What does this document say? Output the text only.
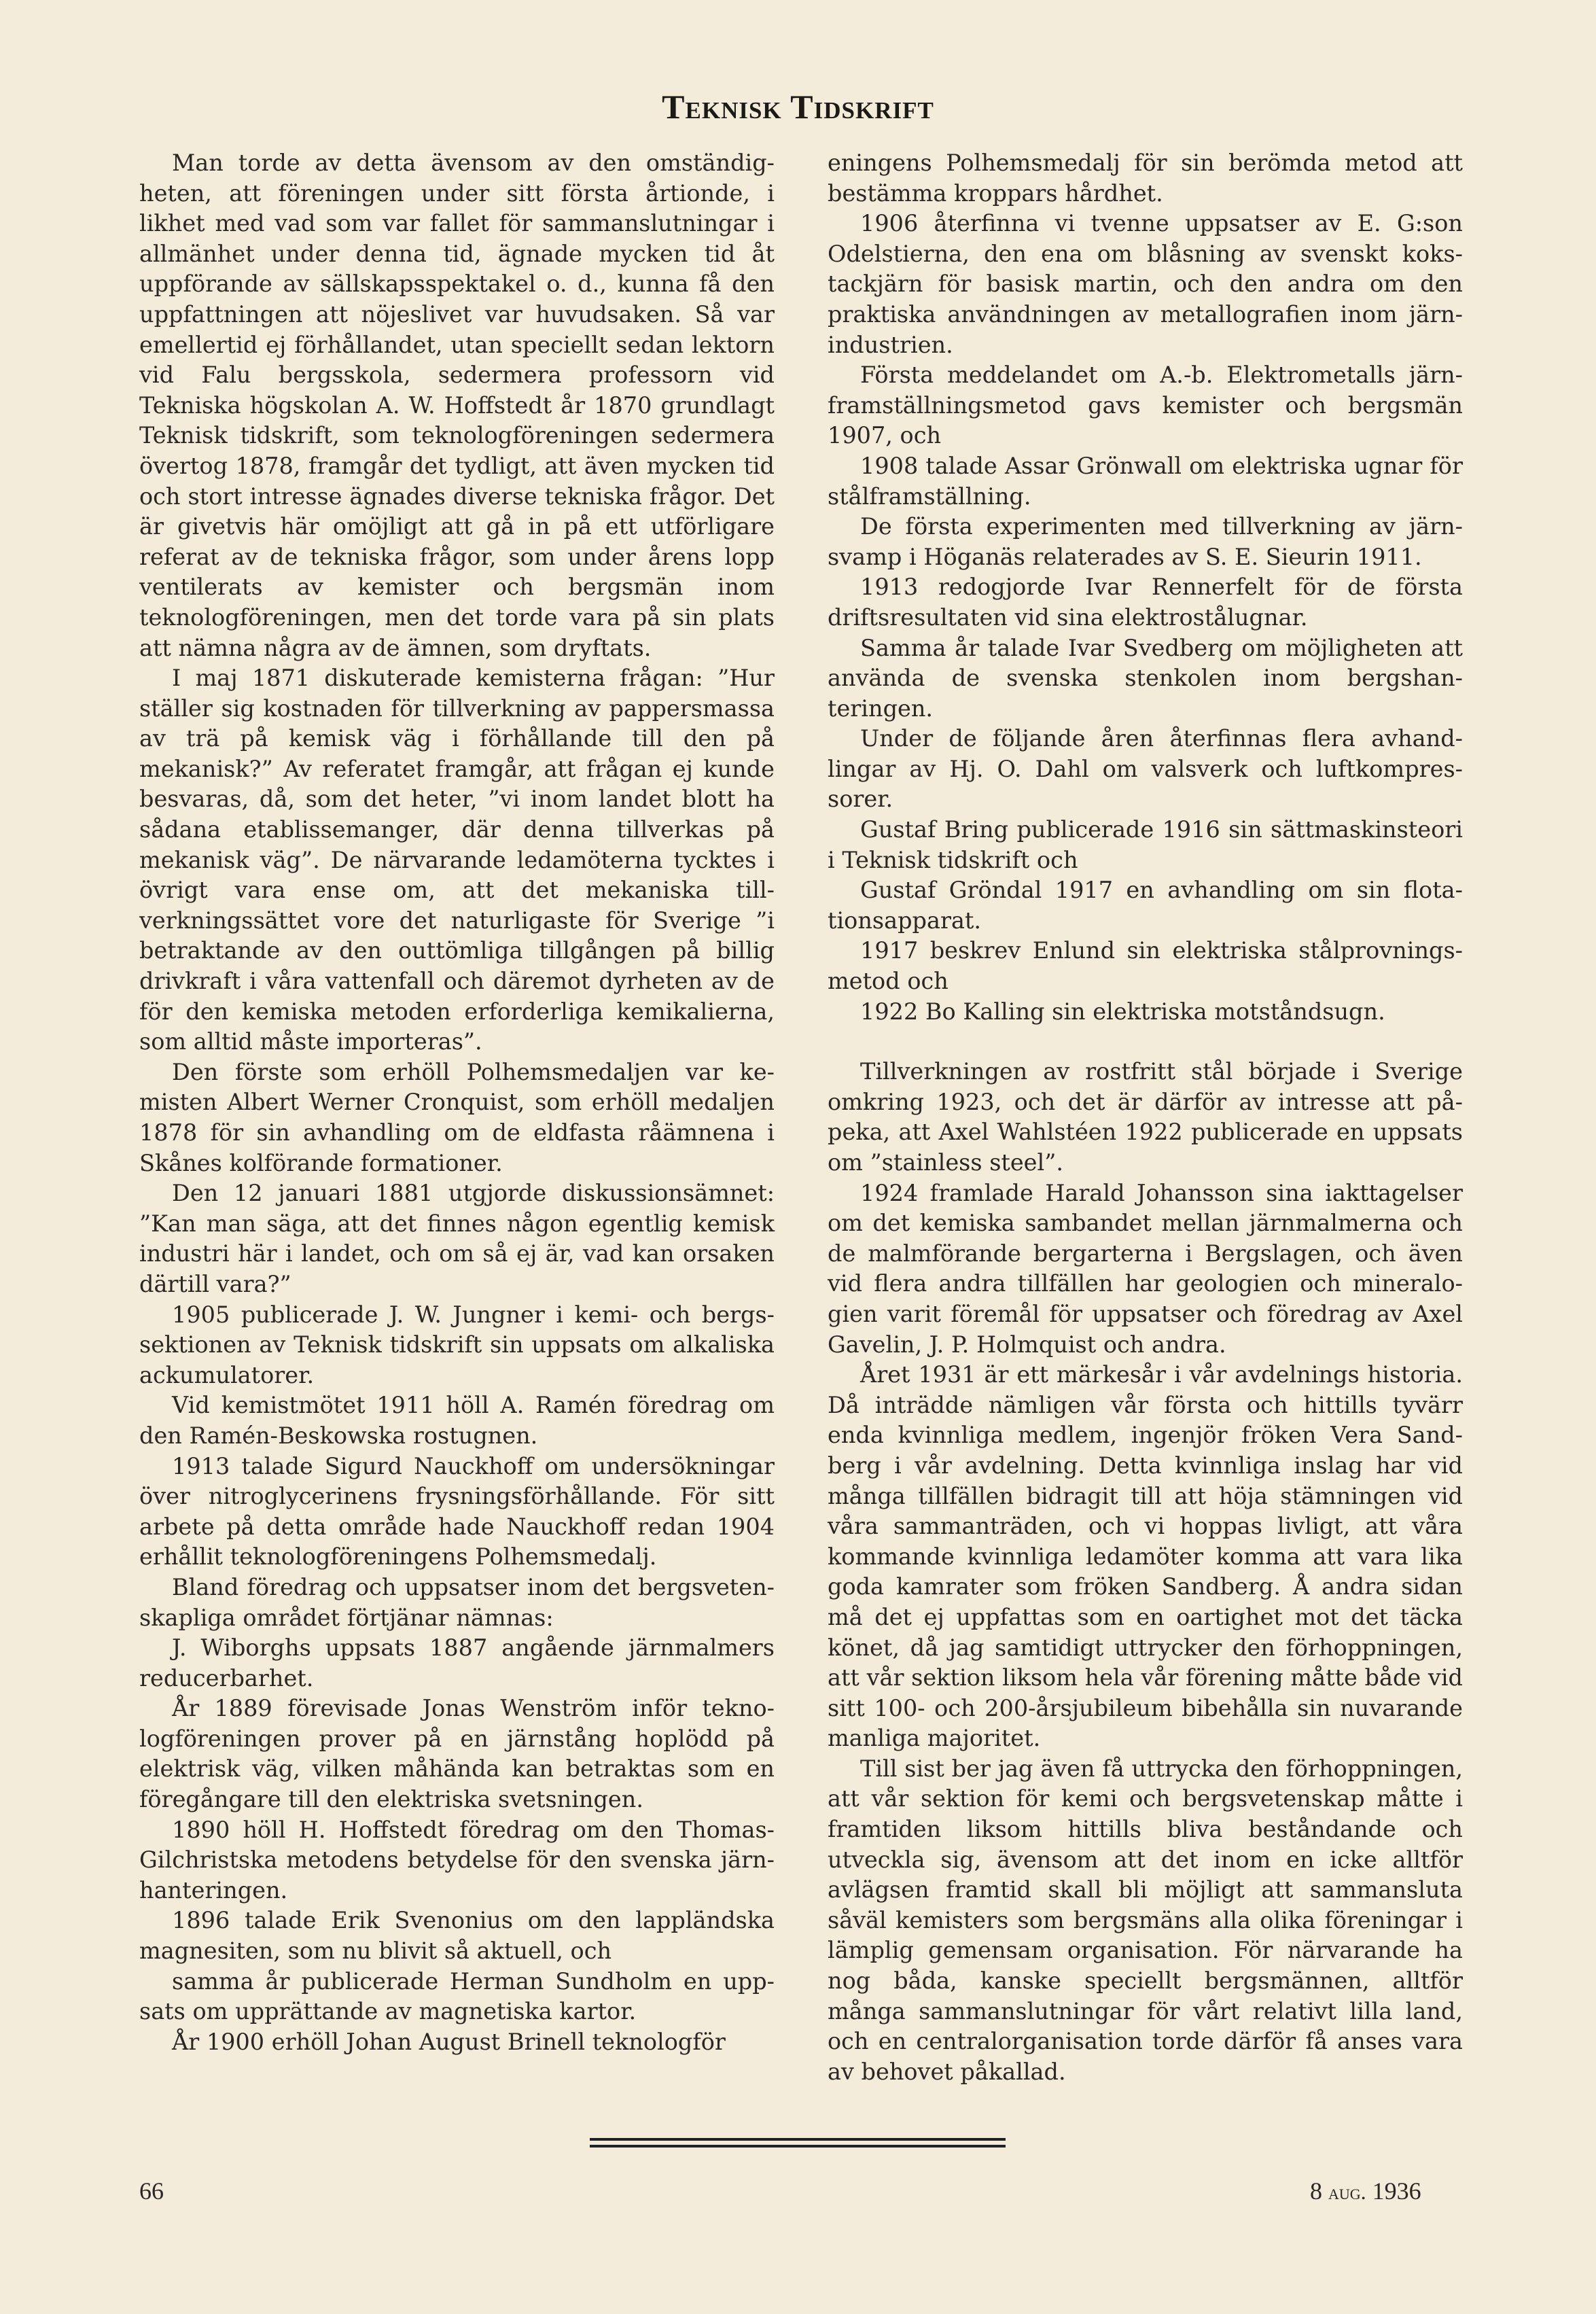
Teknisk Tidskrift

Man torde av detta ävensom av den omständigheten, att föreningen under sitt första årtionde, i likhet med vad som var fallet för sammanslutningar i allmänhet under denna tid, ägnade mycken tid åt uppförande av sällskapsspektakel o. d., kunna få den uppfattningen att nöjeslivet var huvudsaken. Så var emellertid ej förhållandet, utan speciellt sedan lektorn vid Falu bergsskola, sedermera professorn vid Tekniska högskolan A. W. Hoffstedt år 1870 grundlagt Teknisk tidskrift, som teknologföreningen sedermera övertog 1878, framgår det tydligt, att även mycken tid och stort intresse ägnades diverse tekniska frågor. Det är givetvis här omöjligt att gå in på ett utförligare referat av de tekniska frågor, som under årens lopp ventilerats av kemister och bergsmän inom teknologföreningen, men det torde vara på sin plats att nämna några av de ämnen, som dryftats.

I maj 1871 diskuterade kemisterna frågan: ”Hur ställer sig kostnaden för tillverkning av pappersmassa av trä på kemisk väg i förhållande till den på mekanisk?” Av referatet framgår, att frågan ej kunde besvaras, då, som det heter, ”vi inom landet blott ha sådana etablissemanger, där denna tillverkas på mekanisk väg”. De närvarande ledamöterna tycktes i övrigt vara ense om, att det mekaniska tillverkningssättet vore det naturligaste för Sverige ”i betraktande av den outtömliga tillgången på billig drivkraft i våra vattenfall och däremot dyrheten av de för den kemiska metoden erforderliga kemikalierna, som alltid måste importeras”.

Den förste som erhöll Polhemsmedaljen var kemisten Albert Werner Cronquist, som erhöll medaljen 1878 för sin avhandling om de eldfasta råämnena i Skånes kolförande formationer.

Den 12 januari 1881 utgjorde diskussionsämnet: ”Kan man säga, att det finnes någon egentlig kemisk industri här i landet, och om så ej är, vad kan orsaken därtill vara?”

1905 publicerade J. W. Jungner i kemi- och bergssektionen av Teknisk tidskrift sin uppsats om alkaliska ackumulatorer.

Vid kemistmötet 1911 höll A. Ramén föredrag om den Ramén-Beskowska rostugnen.

1913 talade Sigurd Nauckhoff om undersökningar över nitroglycerinens frysningsförhållande. För sitt arbete på detta område hade Nauckhoff redan 1904 erhållit teknologföreningens Polhemsmedalj.

Bland föredrag och uppsatser inom det bergsvetenskapliga området förtjänar nämnas:

J. Wiborghs uppsats 1887 angående järnmalmers reducerbarhet.

År 1889 förevisade Jonas Wenström inför teknologföreningen prover på en järnstång hoplödd på elektrisk väg, vilken måhända kan betraktas som en föregångare till den elektriska svetsningen.

1890 höll H. Hoffstedt föredrag om den Thomas-Gilchristska metodens betydelse för den svenska järnhanteringen.

1896 talade Erik Svenonius om den lappländska magnesiten, som nu blivit så aktuell, och

samma år publicerade Herman Sundholm en uppsats om upprättande av magnetiska kartor.

År 1900 erhöll Johan August Brinell teknologför

eningens Polhemsmedalj för sin berömda metod att bestämma kroppars hårdhet.

1906 återfinna vi tvenne uppsatser av E. G:son Odelstierna, den ena om blåsning av svenskt kokstackjärn för basisk martin, och den andra om den praktiska användningen av metallografien inom järnindustrien.

Första meddelandet om A.-b. Elektrometalls järnframställningsmetod gavs kemister och bergsmän 1907, och

1908 talade Assar Grönwall om elektriska ugnar för stålframställning.

De första experimenten med tillverkning av järnsvamp i Höganäs relaterades av S. E. Sieurin 1911.

1913 redogjorde Ivar Rennerfelt för de första driftsresultaten vid sina elektrostålugnar.

Samma år talade Ivar Svedberg om möjligheten att använda de svenska stenkolen inom bergshanteringen.

Under de följande åren återfinnas flera avhandlingar av Hj. O. Dahl om valsverk och luftkompressorer.

Gustaf Bring publicerade 1916 sin sättmaskinsteori i Teknisk tidskrift och

Gustaf Gröndal 1917 en avhandling om sin flotationsapparat.

1917 beskrev Enlund sin elektriska stålprovningsmetod och

1922 Bo Kalling sin elektriska motståndsugn.

Tillverkningen av rostfritt stål började i Sverige omkring 1923, och det är därför av intresse att påpeka, att Axel Wahlstéen 1922 publicerade en uppsats om ”stainless steel”.

1924 framlade Harald Johansson sina iakttagelser om det kemiska sambandet mellan järnmalmerna och de malmförande bergarterna i Bergslagen, och även vid flera andra tillfällen har geologien och mineralogien varit föremål för uppsatser och föredrag av Axel Gavelin, J. P. Holmquist och andra.

Året 1931 är ett märkesår i vår avdelnings historia. Då inträdde nämligen vår första och hittills tyvärr enda kvinnliga medlem, ingenjör fröken Vera Sandberg i vår avdelning. Detta kvinnliga inslag har vid många tillfällen bidragit till att höja stämningen vid våra sammanträden, och vi hoppas livligt, att våra kommande kvinnliga ledamöter komma att vara lika goda kamrater som fröken Sandberg. Å andra sidan må det ej uppfattas som en oartighet mot det täcka könet, då jag samtidigt uttrycker den förhoppningen, att vår sektion liksom hela vår förening måtte både vid sitt 100- och 200-årsjubileum bibehålla sin nuvarande manliga majoritet.

Till sist ber jag även få uttrycka den förhoppningen, att vår sektion för kemi och bergsvetenskap måtte i framtiden liksom hittills bliva beståndande och utveckla sig, ävensom att det inom en icke alltför avlägsen framtid skall bli möjligt att sammansluta såväl kemisters som bergsmäns alla olika föreningar i lämplig gemensam organisation. För närvarande ha nog båda, kanske speciellt bergsmännen, alltför många sammanslutningar för vårt relativt lilla land, och en centralorganisation torde därför få anses vara av behovet påkallad.

66	8 aug. 1936
